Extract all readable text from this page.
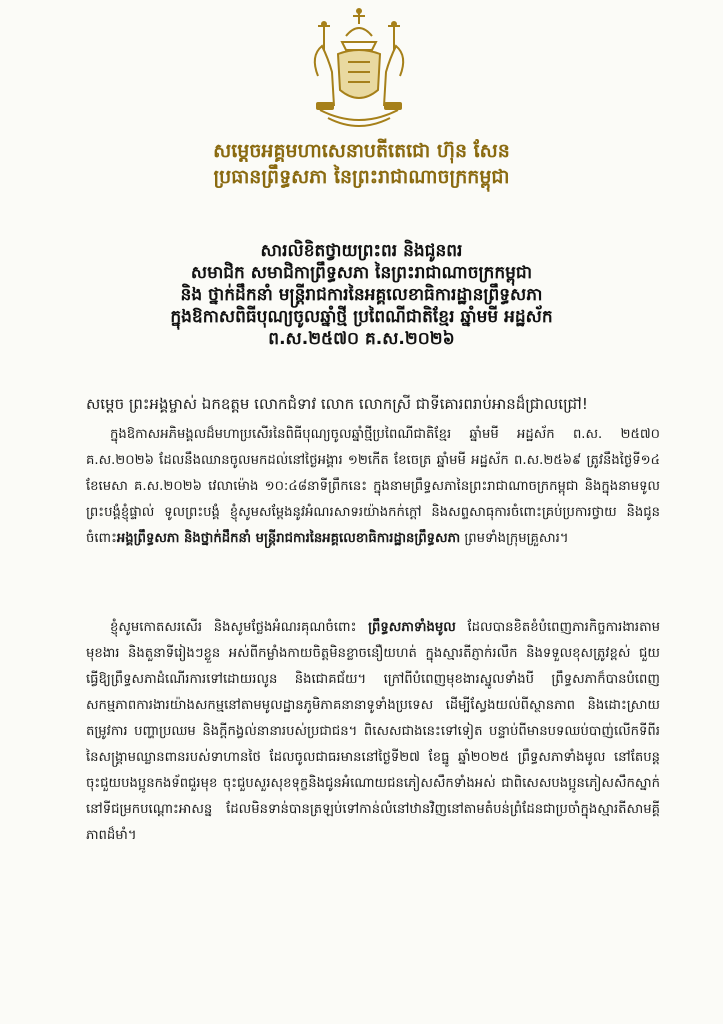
សម្តេចអគ្គមហាសេនាបតីតេជោ ហ៊ុន សែន
ប្រធានព្រឹទ្ធសភា នៃព្រះរាជាណាចក្រកម្ពុជា
សារលិខិតថ្វាយព្រះពរ និងជូនពរ
សមាជិក សមាជិកាព្រឹទ្ធសភា នៃព្រះរាជាណាចក្រកម្ពុជា
និង ថ្នាក់ដឹកនាំ មន្ត្រីរាជការនៃអគ្គលេខាធិការដ្ឋានព្រឹទ្ធសភា
ក្នុងឱកាសពិធីបុណ្យចូលឆ្នាំថ្មី ប្រពៃណីជាតិខ្មែរ ឆ្នាំមមី អដ្ឋស័ក
ព.ស.២៥៧០ គ.ស.២០២៦
សម្តេច ព្រះអង្គម្ចាស់ ឯកឧត្តម លោកជំទាវ លោក លោកស្រី ជាទីគោរពរាប់អានដ៏ជ្រាលជ្រៅ!
ក្នុងឱកាសអភិមង្គលដ៏មហាប្រសើរនៃពិធីបុណ្យចូលឆ្នាំថ្មីប្រពៃណីជាតិខ្មែរ ឆ្នាំមមី អដ្ឋស័ក ព.ស. ២៥៧០ គ.ស.២០២៦ ដែលនឹងឈានចូលមកដល់នៅថ្ងៃអង្គារ ១២កើត ខែចេត្រ ឆ្នាំមមី អដ្ឋស័ក ព.ស.២៥៦៩ ត្រូវនឹងថ្ងៃទី១៤ ខែមេសា គ.ស.២០២៦ វេលាម៉ោង ១០:៤៨នាទីព្រឹកនេះ ក្នុងនាមព្រឹទ្ធសភានៃព្រះរាជាណាចក្រកម្ពុជា និងក្នុងនាមទូលព្រះបង្គំខ្ញុំផ្ទាល់ ទូលព្រះបង្គំ ខ្ញុំសូមសម្តែងនូវអំណរសាទរយ៉ាងកក់ក្តៅ និងសព្ទសាធុការចំពោះគ្រប់ប្រការថ្វាយ និងជូនចំពោះអង្គព្រឹទ្ធសភា និងថ្នាក់ដឹកនាំ មន្ត្រីរាជការនៃអគ្គលេខាធិការដ្ឋានព្រឹទ្ធសភា ព្រមទាំងក្រុមគ្រួសារ។
ខ្ញុំសូមកោតសរសើរ និងសូមថ្លែងអំណរគុណចំពោះ ព្រឹទ្ធសភាទាំងមូល ដែលបានខិតខំបំពេញភារកិច្ចការងារតាមមុខងារ និងតួនាទីរៀងៗខ្លួន អស់ពីកម្លាំងកាយចិត្តមិនខ្លាចនឿយហត់ ក្នុងស្មារតីភ្ញាក់រលឹក និងទទួលខុសត្រូវខ្ពស់ ជួយធ្វើឱ្យព្រឹទ្ធសភាដំណើរការទៅដោយរលូន និងជោគជ័យ។ ក្រៅពីបំពេញមុខងារស្នូលទាំងបី ព្រឹទ្ធសភាក៏បានបំពេញសកម្មភាពការងារយ៉ាងសកម្មនៅតាមមូលដ្ឋានភូមិភាគនានាទូទាំងប្រទេស ដើម្បីស្វែងយល់ពីស្ថានភាព និងដោះស្រាយតម្រូវការ បញ្ហាប្រឈម និងក្តីកង្វល់នានារបស់ប្រជាជន។ ពិសេសជាងនេះទៅទៀត បន្ទាប់ពីមានបទឈប់បាញ់លើកទីពីរនៃសង្គ្រាមឈ្លានពានរបស់ទាហានថៃ ដែលចូលជាធរមាននៅថ្ងៃទី២៧ ខែធ្នូ ឆ្នាំ២០២៥ ព្រឹទ្ធសភាទាំងមូល នៅតែបន្តចុះជួយបងប្អូនកងទ័ពជួរមុខ ចុះជួបសួរសុខទុក្ខនិងជូនអំណោយជនភៀសសឹកទាំងអស់ ជាពិសេសបងប្អូនភៀសសឹកស្នាក់នៅទីជម្រកបណ្តោះអាសន្ន ដែលមិនទាន់បានត្រឡប់ទៅកាន់លំនៅឋានវិញនៅតាមតំបន់ព្រំដែនជាប្រចាំក្នុងស្មារតីសាមគ្គីភាពដ៏មាំ។
